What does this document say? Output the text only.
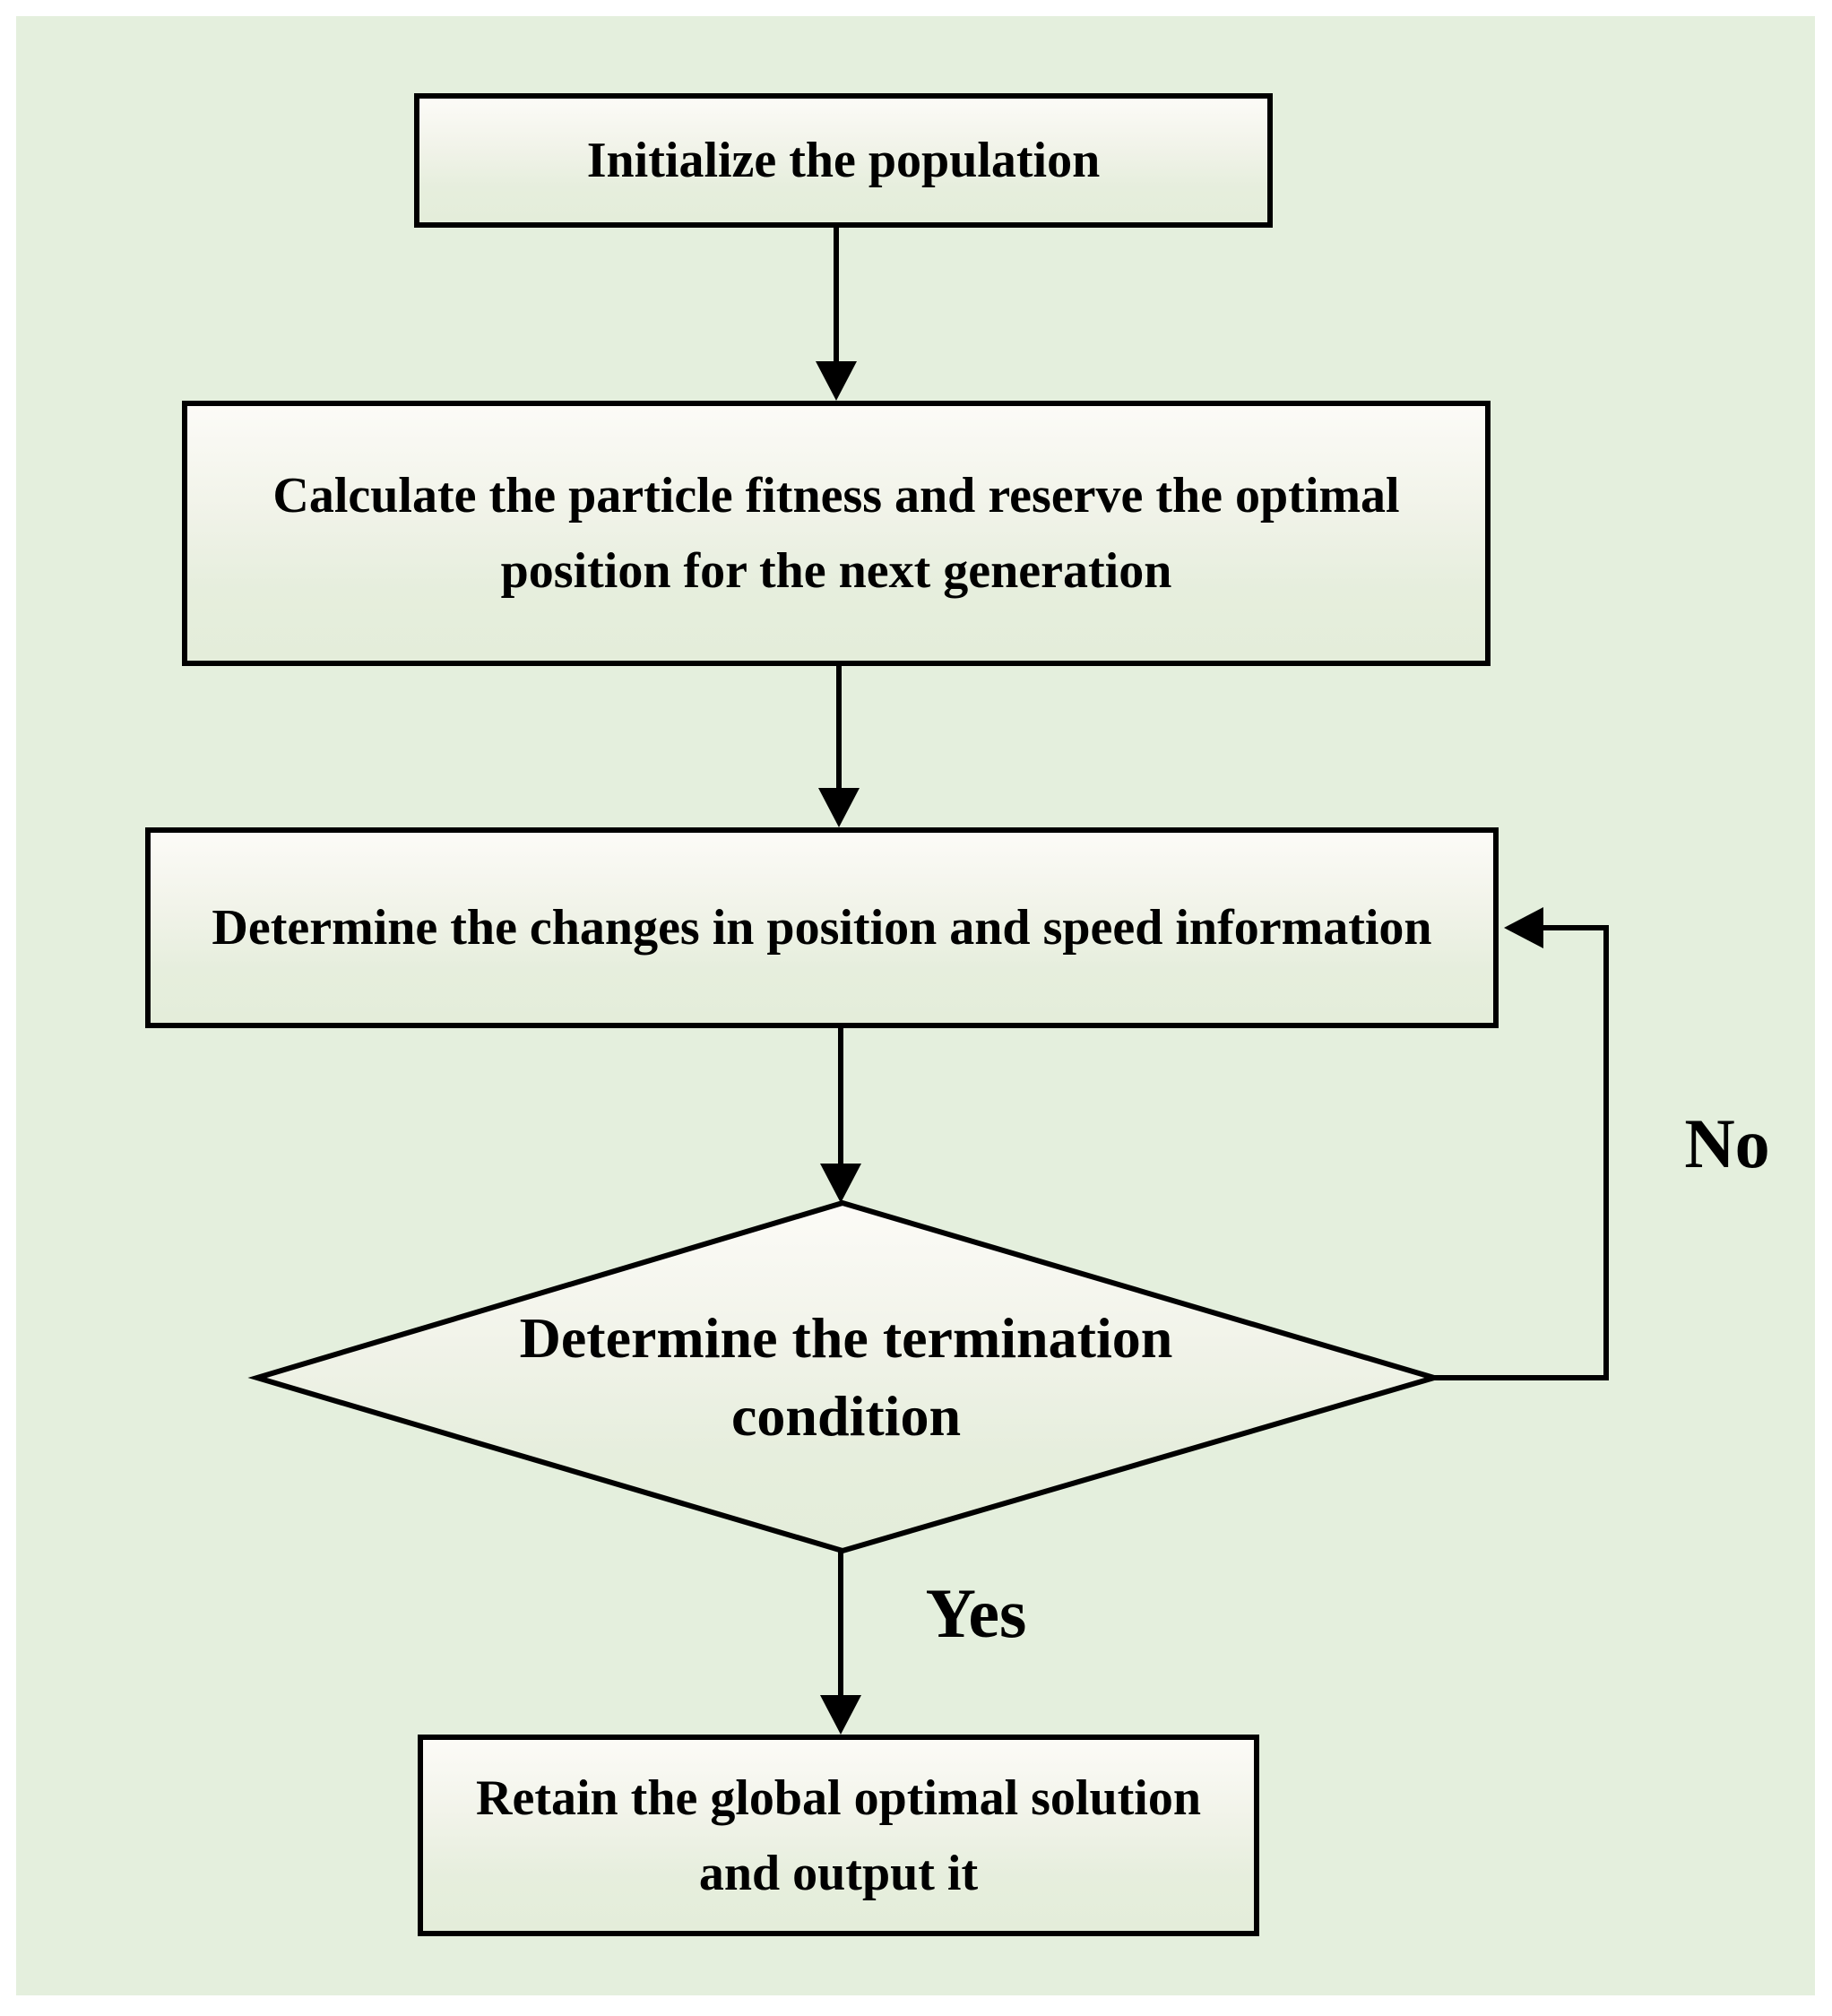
Initialize the population
Calculate the particle fitness and reserve the optimal position for the next generation
Determine the changes in position and speed information
Determine the termination condition
Retain the global optimal solution and output it
Yes
No
